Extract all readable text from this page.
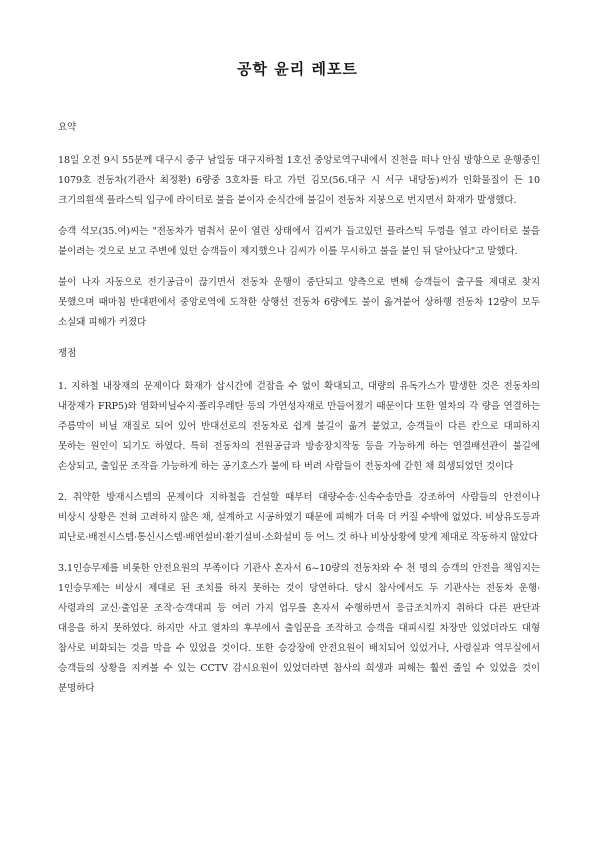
공학 윤리 레포트
요약

18일 오전 9시 55분께 대구시 중구 남일동 대구지하철 1호선 중앙로역구내에서 진천을 떠나 안심 방향으로 운행중인 1079호 전동차(기관사 최정환) 6량중 3호차를 타고 가던 김모(56.대구 시 서구 내당동)씨가 인화물질이 든 10 크기의흰색 플라스틱 입구에 라이터로 불을 붙이자 순식간에 불길이 전동차 지붕으로 번지면서 화재가 발생했다.

승객 석모(35.여)씨는 "전동차가 멈춰서 문이 열린 상태에서 김씨가 들고있던 플라스틱 두껑을 열고 라이터로 불을 붙이려는 것으로 보고 주변에 있던 승객들이 제지했으나 김씨가 이를 무시하고 불을 붙인 뒤 달아났다"고 말했다.

불이 나자 자동으로 전기공급이 끊기면서 전동차 운행이 중단되고 양측으로 변해 승객들이 출구를 제대로 찾지 못했으며 때마침 반대편에서 중앙로역에 도착한 상행선 전동차 6량에도 불이 옮겨붙어 상하행 전동차 12량이 모두 소실돼 피해가 커졌다

쟁점

1. 지하철 내장재의 문제이다 화재가 삽시간에 걷잡을 수 없이 확대되고, 대량의 유독가스가 발생한 것은 전동차의 내장재가 FRP5)와 염화비닐수지·폴리우레탄 등의 가연성자재로 만들어졌기 때문이다 또한 열차의 각 량을 연결하는 주름막이 비닐 재질로 되어 있어 반대선로의 전동차로 쉽게 불길이 옮겨 붙었고, 승객들이 다른 칸으로 대피하지 못하는 원인이 되기도 하였다. 특히 전동차의 전원공급과 방송장치작동 등을 가능하게 하는 연결배선관이 불길에 손상되고, 출입문 조작을 가능하게 하는 공기호스가 불에 타 버려 사람들이 전동차에 갇힌 채 희생되었던 것이다

2. 취약한 방재시스템의 문제이다 지하철을 건설할 때부터 대량수송·신속수송만을 강조하여 사람들의 안전이나 비상시 상황은 전혀 고려하지 않은 채, 설계하고 시공하였기 때문에 피해가 더욱 더 커질 수밖에 없었다. 비상유도등과 피난로·배전시스템·통신시스템·배연설비·환기설비·소화설비 등 어느 것 하나 비상상황에 맞게 제대로 작동하지 않았다

3.1인승무제를 비롯한 안전요원의 부족이다 기관사 혼자서 6~10량의 전동차와 수 천 명의 승객의 안전을 책임지는 1인승무제는 비상시 제대로 된 조치를 하지 못하는 것이 당연하다. 당시 참사에서도 두 기관사는 전동차 운행·사령과의 교신·출입문 조작·승객대피 등 여러 가지 업무를 혼자서 수행하면서 응급조치까지 취하다 다른 판단과 대응을 하지 못하였다. 하지만 사고 열차의 후부에서 출입문을 조작하고 승객을 대피시킬 차장만 있었더라도 대형 참사로 비화되는 것을 막을 수 있었을 것이다. 또한 승강장에 안전요원이 배치되어 있었거나, 사령실과 역무실에서 승객들의 상황을 지켜볼 수 있는 CCTV 감시요원이 있었더라면 참사의 희생과 피해는 훨씬 줄일 수 있었을 것이 분명하다
